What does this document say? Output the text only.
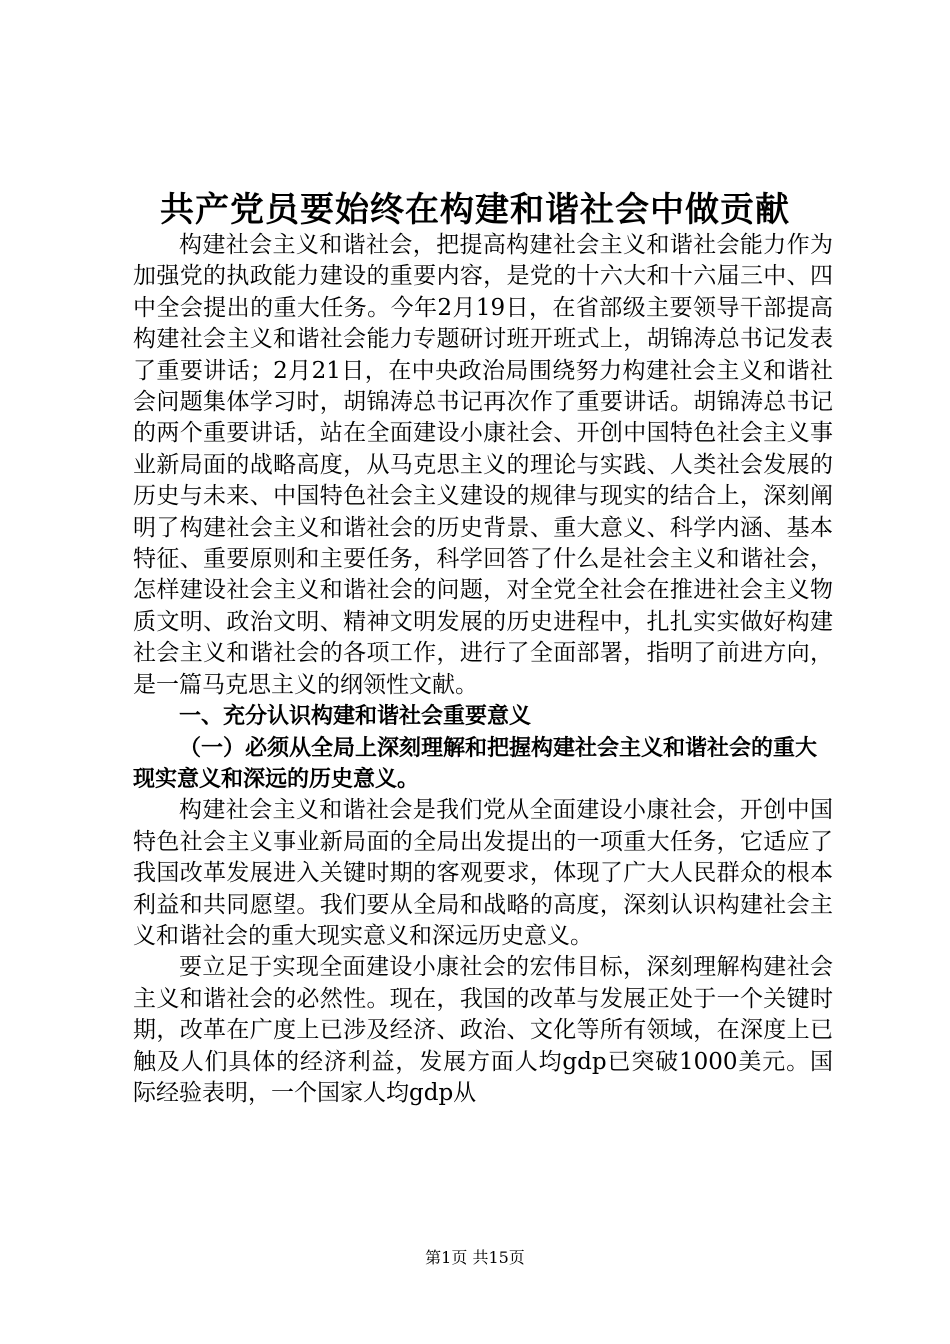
共产党员要始终在构建和谐社会中做贡献

构建社会主义和谐社会，把提高构建社会主义和谐社会能力作为加强党的执政能力建设的重要内容，是党的十六大和十六届三中、四中全会提出的重大任务。今年2月19日，在省部级主要领导干部提高构建社会主义和谐社会能力专题研讨班开班式上，胡锦涛总书记发表了重要讲话；2月21日，在中央政治局围绕努力构建社会主义和谐社会问题集体学习时，胡锦涛总书记再次作了重要讲话。胡锦涛总书记的两个重要讲话，站在全面建设小康社会、开创中国特色社会主义事业新局面的战略高度，从马克思主义的理论与实践、人类社会发展的历史与未来、中国特色社会主义建设的规律与现实的结合上，深刻阐明了构建社会主义和谐社会的历史背景、重大意义、科学内涵、基本特征、重要原则和主要任务，科学回答了什么是社会主义和谐社会，怎样建设社会主义和谐社会的问题，对全党全社会在推进社会主义物质文明、政治文明、精神文明发展的历史进程中，扎扎实实做好构建社会主义和谐社会的各项工作，进行了全面部署，指明了前进方向，是一篇马克思主义的纲领性文献。

一、充分认识构建和谐社会重要意义

（一）必须从全局上深刻理解和把握构建社会主义和谐社会的重大现实意义和深远的历史意义。

构建社会主义和谐社会是我们党从全面建设小康社会，开创中国特色社会主义事业新局面的全局出发提出的一项重大任务，它适应了我国改革发展进入关键时期的客观要求，体现了广大人民群众的根本利益和共同愿望。我们要从全局和战略的高度，深刻认识构建社会主义和谐社会的重大现实意义和深远历史意义。

要立足于实现全面建设小康社会的宏伟目标，深刻理解构建社会主义和谐社会的必然性。现在，我国的改革与发展正处于一个关键时期，改革在广度上已涉及经济、政治、文化等所有领域，在深度上已触及人们具体的经济利益，发展方面人均gdp已突破1000美元。国际经验表明，一个国家人均gdp从

第1页 共15页
